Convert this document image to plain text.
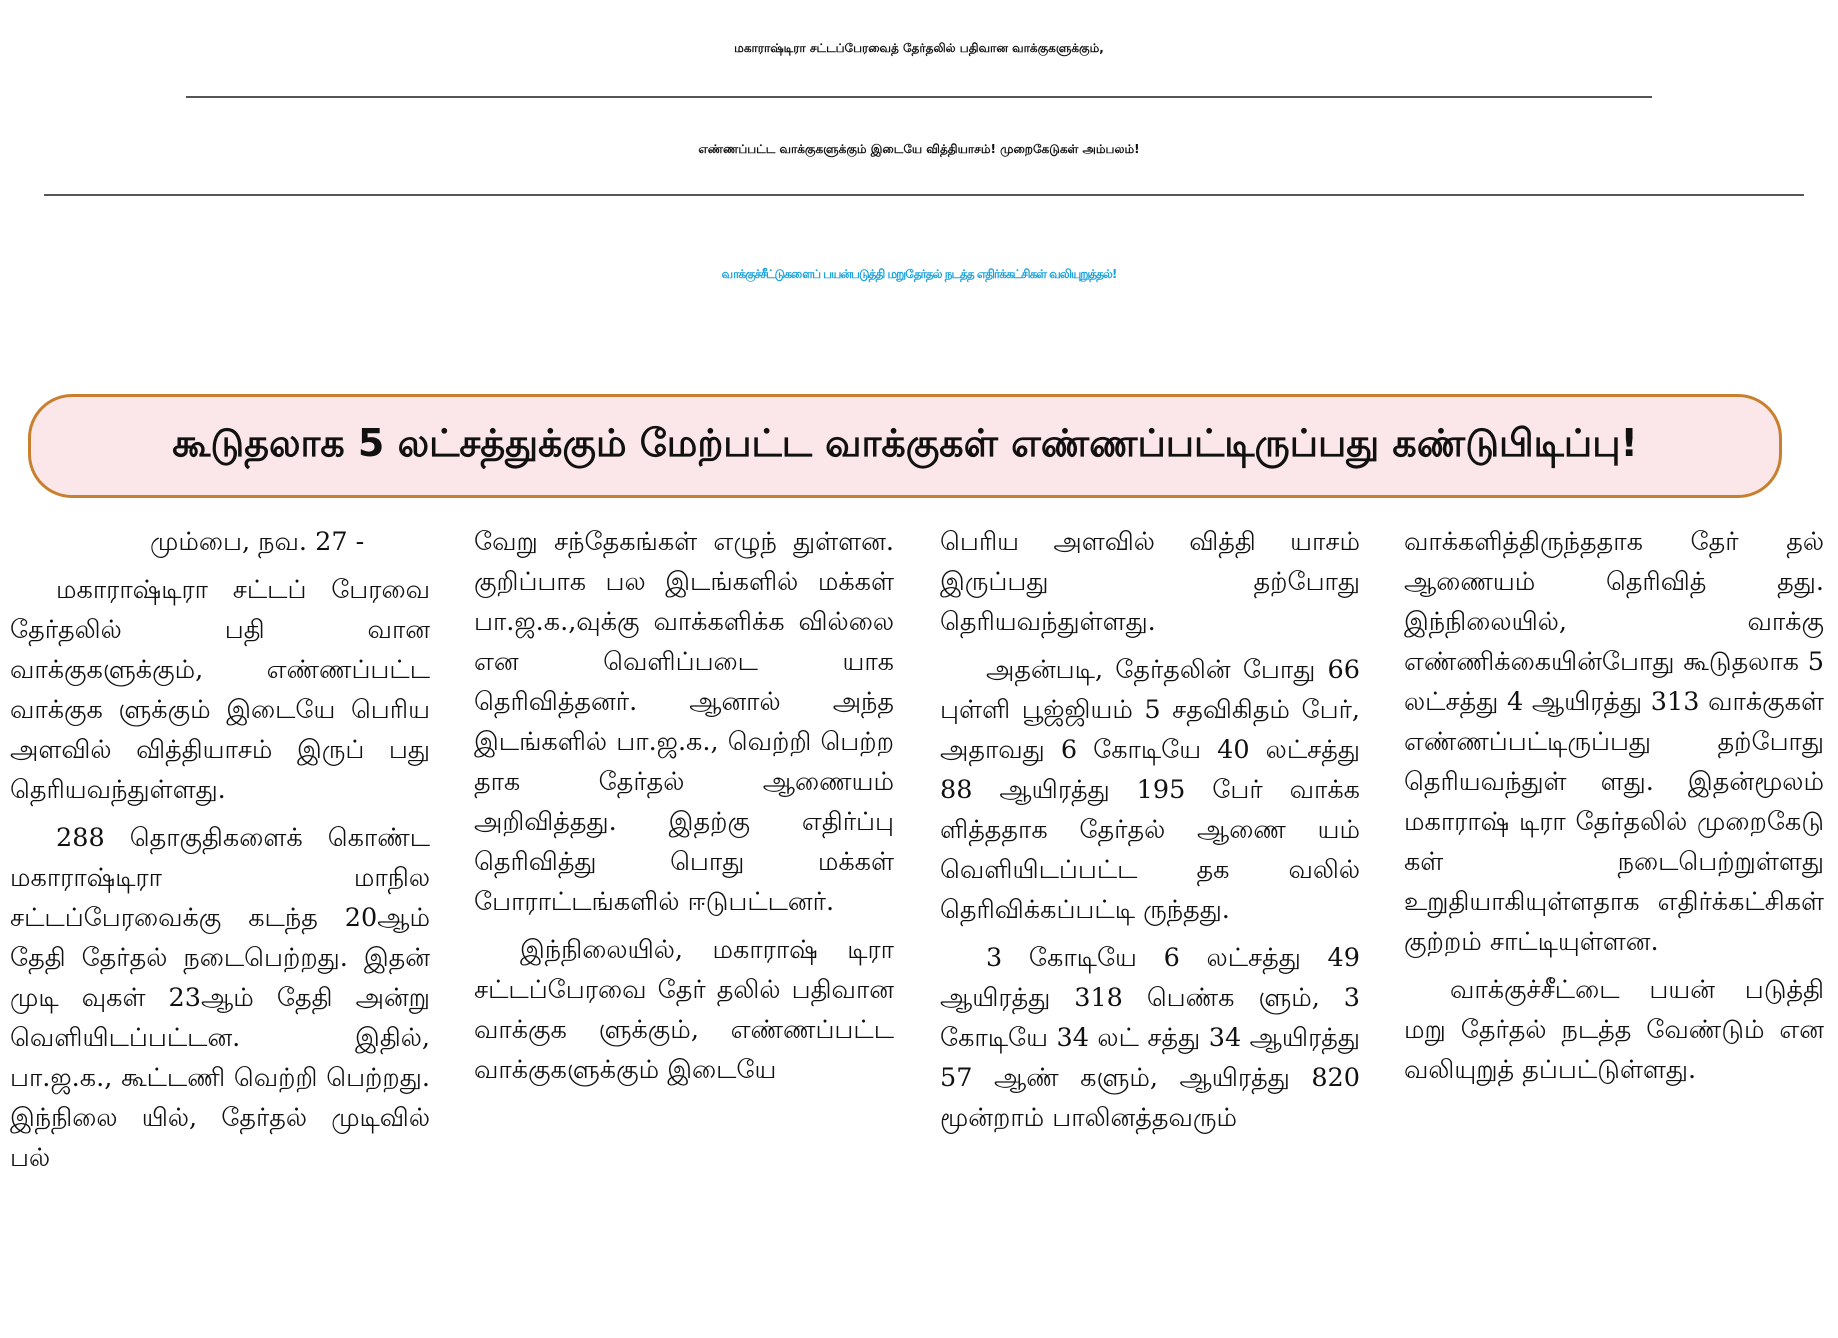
மகாராஷ்டிரா சட்டப்பேரவைத் தேர்தலில் பதிவான வாக்குகளுக்கும்,
எண்ணப்பட்ட வாக்குகளுக்கும் இடையே வித்தியாசம்! முறைகேடுகள் அம்பலம்!
வாக்குச்சீட்டுகளைப் பயன்படுத்தி மறுதேர்தல் நடத்த எதிர்க்கட்சிகள் வலியுறுத்தல்!
கூடுதலாக 5 லட்சத்துக்கும் மேற்பட்ட வாக்குகள் எண்ணப்பட்டிருப்பது கண்டுபிடிப்பு!

மும்பை, நவ. 27 -

மகாராஷ்டிரா சட்டப் பேரவை தேர்தலில் பதி வான வாக்குகளுக்கும், எண்ணப்பட்ட வாக்குக ளுக்கும் இடையே பெரிய அளவில் வித்தியாசம் இருப் பது தெரியவந்துள்ளது.

288 தொகுதிகளைக் கொண்ட மகாராஷ்டிரா மாநில சட்டப்பேரவைக்கு கடந்த 20ஆம் தேதி தேர்தல் நடைபெற்றது. இதன் முடி வுகள் 23ஆம் தேதி அன்று வெளியிடப்பட்டன. இதில், பா.ஜ.க., கூட்டணி வெற்றி பெற்றது. இந்நிலை யில், தேர்தல் முடிவில் பல்

வேறு சந்தேகங்கள் எழுந் துள்ளன. குறிப்பாக பல இடங்களில் மக்கள் பா.ஜ.க.,வுக்கு வாக்களிக்க வில்லை என வெளிப்படை யாக தெரிவித்தனர். ஆனால் அந்த இடங்களில் பா.ஜ.க., வெற்றி பெற்ற தாக தேர்தல் ஆணையம் அறிவித்தது. இதற்கு எதிர்ப்பு தெரிவித்து பொது மக்கள் போராட்டங்களில் ஈடுபட்டனர்.

இந்நிலையில், மகாராஷ் டிரா சட்டப்பேரவை தேர் தலில் பதிவான வாக்குக ளுக்கும், எண்ணப்பட்ட வாக்குகளுக்கும் இடையே

பெரிய அளவில் வித்தி யாசம் இருப்பது தற்போது தெரியவந்துள்ளது.

அதன்படி, தேர்தலின் போது 66 புள்ளி பூஜ்ஜியம் 5 சதவிகிதம் பேர், அதாவது 6 கோடியே 40 லட்சத்து 88 ஆயிரத்து 195 பேர் வாக்க ளித்ததாக தேர்தல் ஆணை யம் வெளியிடப்பட்ட தக வலில் தெரிவிக்கப்பட்டி ருந்தது.

3 கோடியே 6 லட்சத்து 49 ஆயிரத்து 318 பெண்க ளும், 3 கோடியே 34 லட் சத்து 34 ஆயிரத்து 57 ஆண் களும், ஆயிரத்து 820 மூன்றாம் பாலினத்தவரும்

வாக்களித்திருந்ததாக தேர் தல் ஆணையம் தெரிவித் தது. இந்நிலையில், வாக்கு எண்ணிக்கையின்போது கூடுதலாக 5 லட்சத்து 4 ஆயிரத்து 313 வாக்குகள் எண்ணப்பட்டிருப்பது தற்போது தெரியவந்துள் ளது. இதன்மூலம் மகாராஷ் டிரா தேர்தலில் முறைகேடு கள் நடைபெற்றுள்ளது உறுதியாகியுள்ளதாக எதிர்க்கட்சிகள் குற்றம் சாட்டியுள்ளன.

வாக்குச்சீட்டை பயன் படுத்தி மறு தேர்தல் நடத்த வேண்டும் என வலியுறுத் தப்பட்டுள்ளது.
